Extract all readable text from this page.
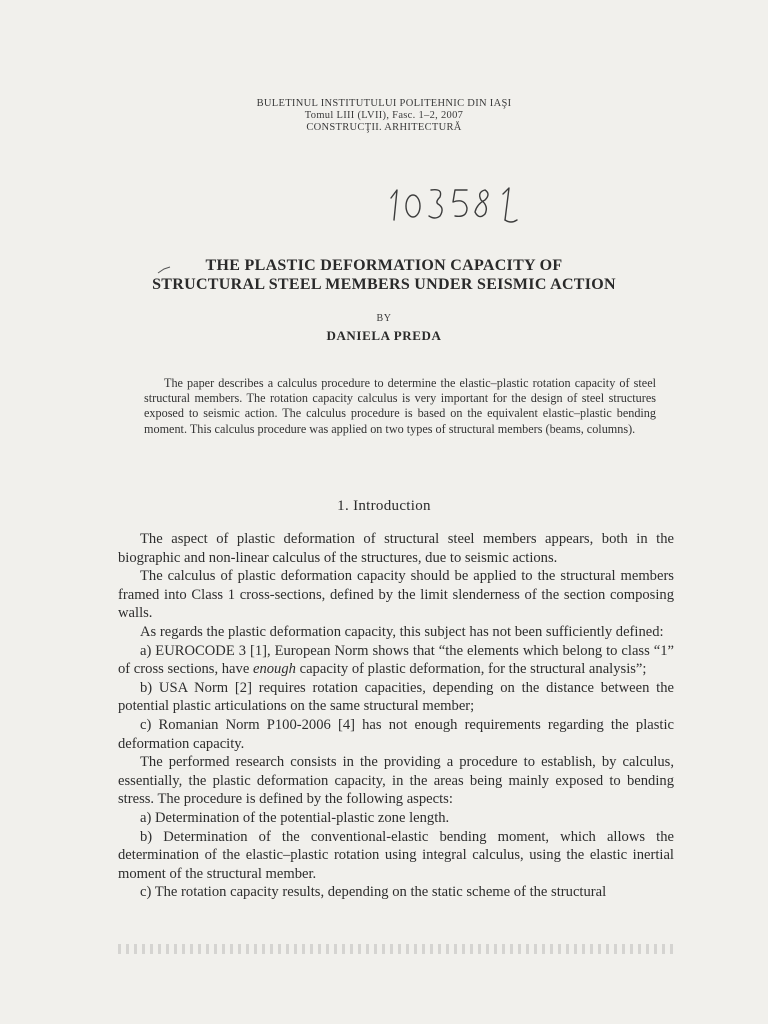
BULETINUL INSTITUTULUI POLITEHNIC DIN IAŞI
Tomul LIII (LVII), Fasc. 1–2, 2007
CONSTRUCŢII. ARHITECTURĂ
THE PLASTIC DEFORMATION CAPACITY OF
STRUCTURAL STEEL MEMBERS UNDER SEISMIC ACTION
BY
DANIELA PREDA
The paper describes a calculus procedure to determine the elastic–plastic rotation capacity of steel structural members. The rotation capacity calculus is very important for the design of steel structures exposed to seismic action. The calculus procedure is based on the equivalent elastic–plastic bending moment. This calculus procedure was applied on two types of structural members (beams, columns).
1. Introduction

The aspect of plastic deformation of structural steel members appears, both in the biographic and non-linear calculus of the structures, due to seismic actions.

The calculus of plastic deformation capacity should be applied to the structural members framed into Class 1 cross-sections, defined by the limit slenderness of the section composing walls.

As regards the plastic deformation capacity, this subject has not been sufficiently defined:

a) EUROCODE 3 [1], European Norm shows that “the elements which belong to class “1” of cross sections, have enough capacity of plastic deformation, for the structural analysis”;

b) USA Norm [2] requires rotation capacities, depending on the distance between the potential plastic articulations on the same structural member;

c) Romanian Norm P100-2006 [4] has not enough requirements regarding the plastic deformation capacity.

The performed research consists in the providing a procedure to establish, by calculus, essentially, the plastic deformation capacity, in the areas being mainly exposed to bending stress. The procedure is defined by the following aspects:

a) Determination of the potential-plastic zone length.

b) Determination of the conventional-elastic bending moment, which allows the determination of the elastic–plastic rotation using integral calculus, using the elastic inertial moment of the structural member.

c) The rotation capacity results, depending on the static scheme of the structural
